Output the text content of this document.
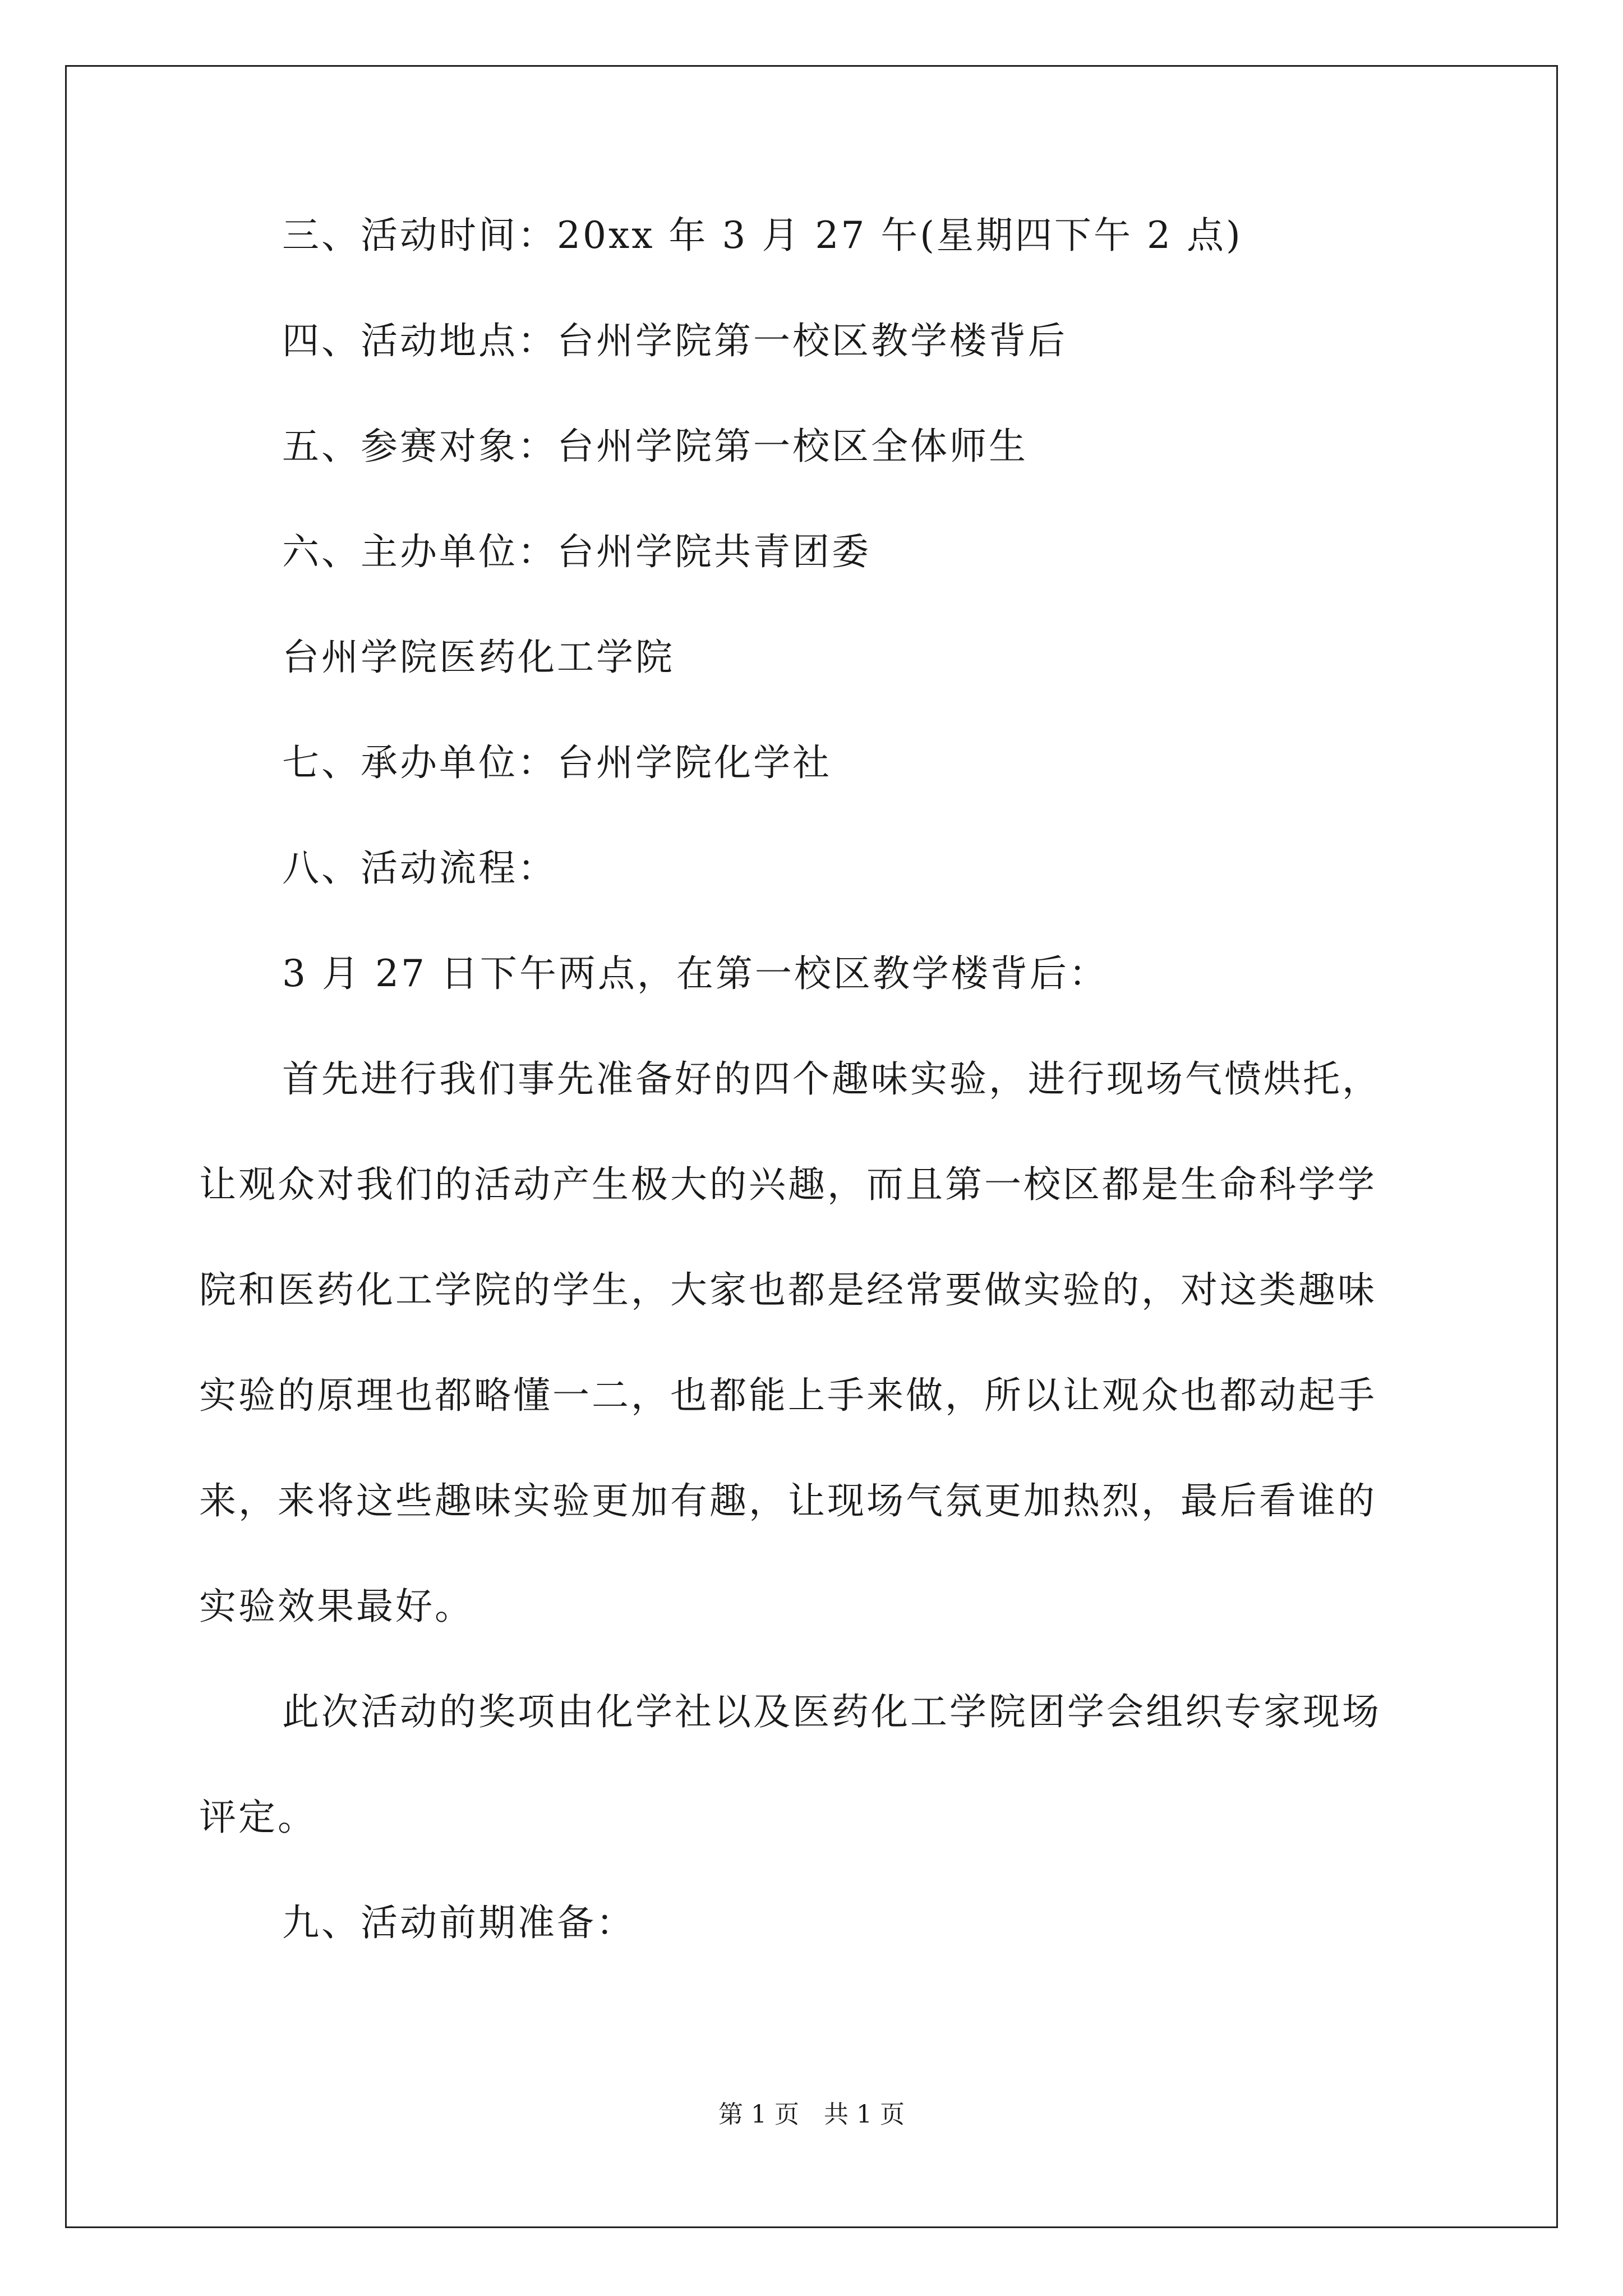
三、活动时间：20xx 年 3 月 27 午(星期四下午 2 点)
四、活动地点：台州学院第一校区教学楼背后
五、参赛对象：台州学院第一校区全体师生
六、主办单位：台州学院共青团委
台州学院医药化工学院
七、承办单位：台州学院化学社
八、活动流程：
3 月 27 日下午两点，在第一校区教学楼背后：
首先进行我们事先准备好的四个趣味实验，进行现场气愤烘托，
让观众对我们的活动产生极大的兴趣，而且第一校区都是生命科学学
院和医药化工学院的学生，大家也都是经常要做实验的，对这类趣味
实验的原理也都略懂一二，也都能上手来做，所以让观众也都动起手
来，来将这些趣味实验更加有趣，让现场气氛更加热烈，最后看谁的
实验效果最好。
此次活动的奖项由化学社以及医药化工学院团学会组织专家现场
评定。
九、活动前期准备：
第 1 页　共 1 页
